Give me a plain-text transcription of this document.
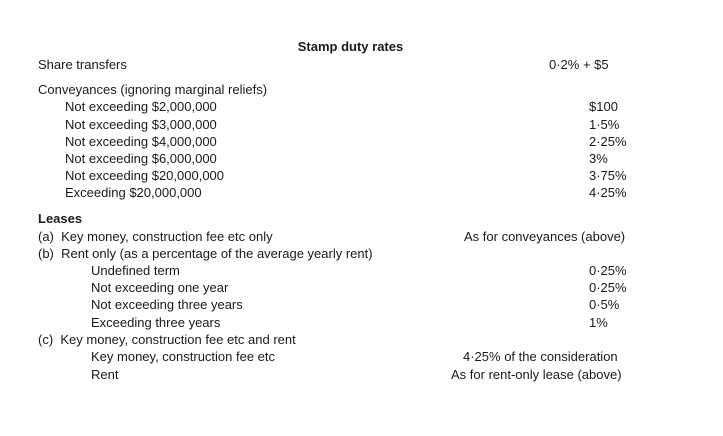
Stamp duty rates
Share transfers	0·2% + $5
Conveyances (ignoring marginal reliefs)
Not exceeding $2,000,000	$100
Not exceeding $3,000,000	1·5%
Not exceeding $4,000,000	2·25%
Not exceeding $6,000,000	3%
Not exceeding $20,000,000	3·75%
Exceeding $20,000,000	4·25%
Leases
(a)  Key money, construction fee etc only	As for conveyances (above)
(b)  Rent only (as a percentage of the average yearly rent)
Undefined term	0·25%
Not exceeding one year	0·25%
Not exceeding three years	0·5%
Exceeding three years	1%
(c)  Key money, construction fee etc and rent
Key money, construction fee etc	4·25% of the consideration
Rent	As for rent-only lease (above)
